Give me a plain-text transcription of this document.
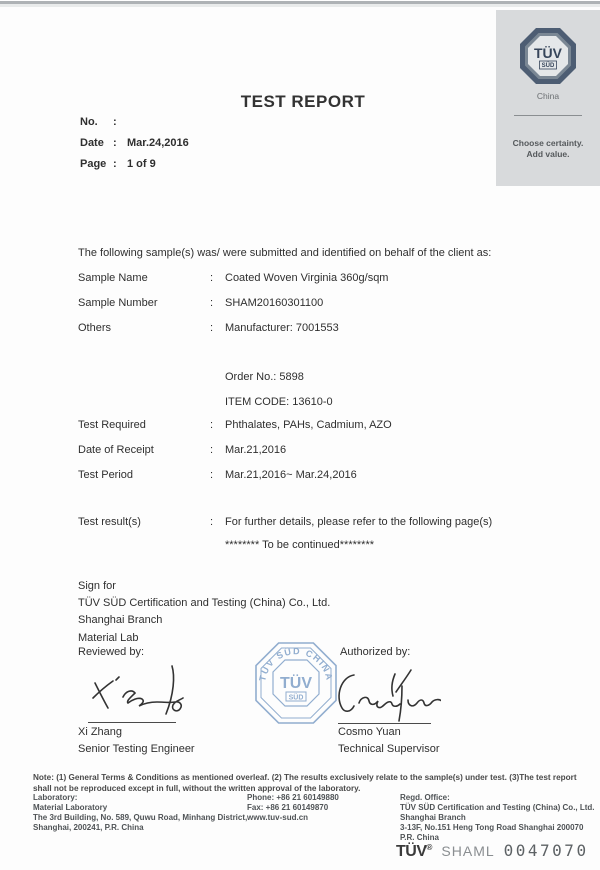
TÜV
SÜD
China
Choose certainty.
Add value.
TEST REPORT
No.	:
Date : Mar.24,2016
Page : 1 of 9
The following sample(s) was/ were submitted and identified on behalf of the client as:
Sample Name	:	Coated Woven Virginia 360g/sqm
Sample Number	:	SHAM20160301100
Others	:	Manufacturer: 7001553
Order No.: 5898
ITEM CODE: 13610-0
Test Required	:	Phthalates, PAHs, Cadmium, AZO
Date of Receipt	:	Mar.21,2016
Test Period	:	Mar.21,2016~ Mar.24,2016
Test result(s)	:	For further details, please refer to the following page(s)
******** To be continued********
Sign for
TÜV SÜD Certification and Testing (China) Co., Ltd.
Shanghai Branch
Material Lab
Reviewed by:	Authorized by:
Xi Zhang
Senior Testing Engineer
TÜV SÜD CHINA
TÜV
SÜD
Cosmo Yuan
Technical Supervisor
Note: (1) General Terms & Conditions as mentioned overleaf. (2) The results exclusively relate to the sample(s) under test. (3)The test report shall not be reproduced except in full, without the written approval of the laboratory.
Laboratory:
Material Laboratory
The 3rd Building, No. 589, Quwu Road, Minhang District,
Shanghai, 200241, P.R. China
Phone: +86 21 60149880
Fax: +86 21 60149870
www.tuv-sud.cn
Regd. Office:
TÜV SÜD Certification and Testing (China) Co., Ltd.
Shanghai Branch
3-13F, No.151 Heng Tong Road Shanghai 200070
P.R. China
TÜV ® SHAML 0047070
